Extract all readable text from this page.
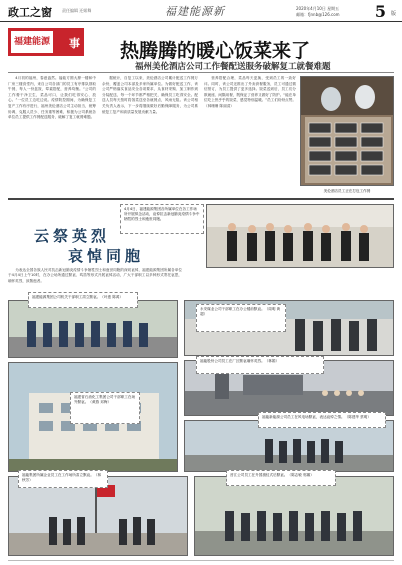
政工之窗	责任编辑 还姬舞	福建能源新	2020年4月10日 星期五
邮箱：fjnnb@126.com 5 版
福建能源 事 热腾腾的暖心饭菜来了
福州美伦酒店公司工作餐配送服务破解复工就餐难题

4月初的福州，春意盎然。福能方圆大厦一楼和中厂房三楼食堂内，来自公司各部门的员工有序排队领取午餐，每人一份盒饭，荤素搭配，营养均衡。“公司的工作餐干净卫生，菜品可口，让我们吃得安心、放心。”一位员工边吃边说。疫情防控期间，为确保复工复产工作有序进行，福州美伦酒店公司主动担当，统筹协调，克服人员少、任务重等困难，积极为公司系统各单位员工提供工作餐配送服务，破解了复工就餐难题。

据统计，自复工以来，美伦酒店公司累计配送工作餐万余份，覆盖公司本部及多家所属单位。为做好配送工作，该公司严格落实食品安全各项要求，从食材采购、加工制作到分装配送，每一个环节都严格把关，确保员工吃得安全。配送人员每天按时将饭菜送至各就餐点，风雨无阻。该公司相关负责人表示，下一步将继续做好后勤保障服务，为公司系统复工复产和高质量发展贡献力量。

营养搭配合理，菜品每天更换，受到员工的一致好评。同时，该公司还推出了外卖套餐服务，员工可通过微信预订，为员工提供了更多选择。饭菜送到后，员工们分散就座、间隔用餐，既保证了营养又做好了防护。“能在单位吃上热乎乎的饭菜，感觉特别温暖。”员工们纷纷点赞。（林珊珊 陈丽清）

美伦酒店员工正在打包工作餐
4月4日，福建能源集团各所属单位在各工作场所开展悼念活动，哀悼抗击新冠肺炎疫情斗争中牺牲的烈士和逝世同胞。
云祭英烈
哀悼同胞

为表达全国各族人民对抗击新冠肺炎疫情斗争牺牲烈士和逝世同胞的深切哀悼，福建能源集团所属各单位于4月4日上午10时，在办公场所通过默哀、鸣笛等形式开展哀悼活动，广大干部职工以多种形式寄托哀思，缅怀英烈，致敬逝者。

福建能源集团公司机关干部职工肃立默哀。（叶惠 陈鸿）
永安煤业公司干部职工在办公楼前默哀。（周明 黄超）
福能股份公司员工在厂区默哀缅怀英烈。（林娟）
福建省石油化工集团公司干部职工在场外默哀。（黄燕 邓梅）
福能新能源公司员工在风电场默哀，表达哀悼之情。（陈建华 蔡明）
福能集团所属企业员工在工作场所肃立默哀。（林秋芳）
晋江公司员工在升国旗仪式后默哀。（陈志敏 郭娜）
